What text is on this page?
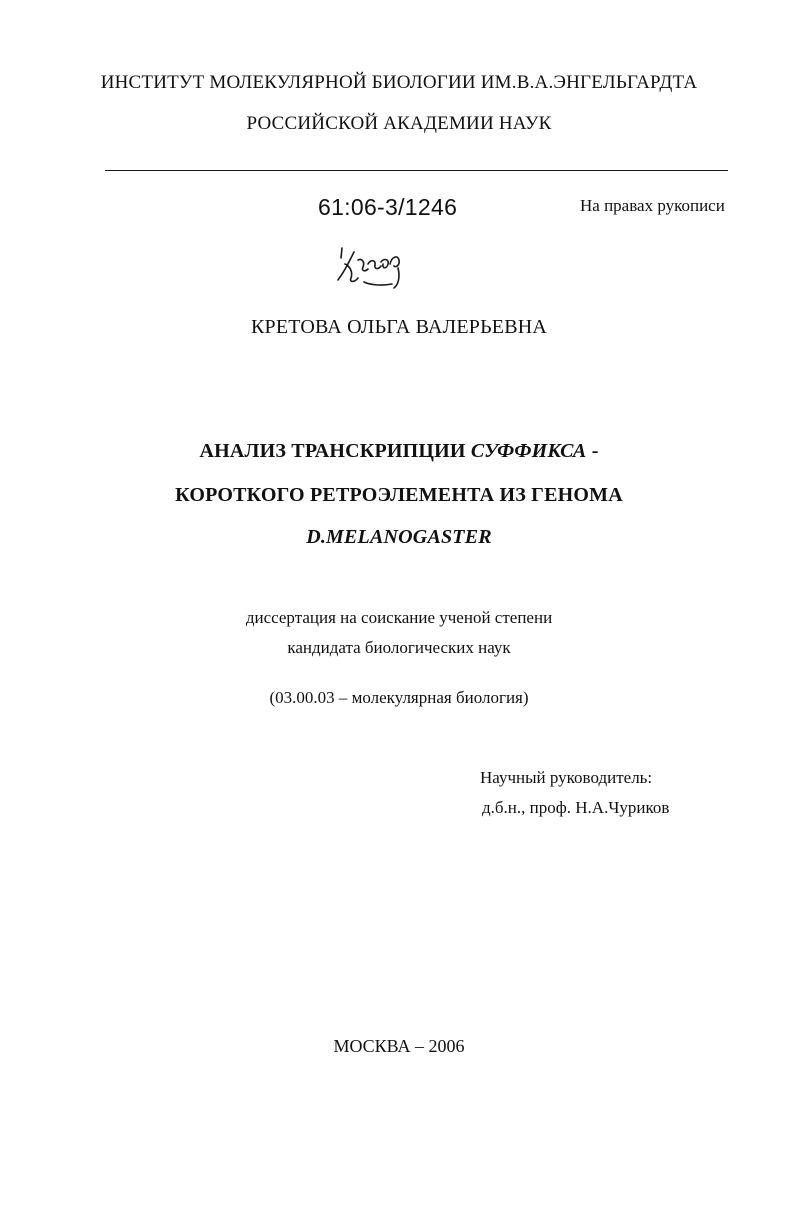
ИНСТИТУТ МОЛЕКУЛЯРНОЙ БИОЛОГИИ ИМ.В.А.ЭНГЕЛЬГАРДТА
РОССИЙСКОЙ АКАДЕМИИ НАУК
61:06-3/1246	На правах рукописи
КРЕТОВА ОЛЬГА ВАЛЕРЬЕВНА
АНАЛИЗ ТРАНСКРИПЦИИ СУФФИКСА -
КОРОТКОГО РЕТРОЭЛЕМЕНТА ИЗ ГЕНОМА
D.MELANOGASTER
диссертация на соискание ученой степени
кандидата биологических наук
(03.00.03 – молекулярная биология)
Научный руководитель:
д.б.н., проф. Н.А.Чуриков
МОСКВА – 2006
